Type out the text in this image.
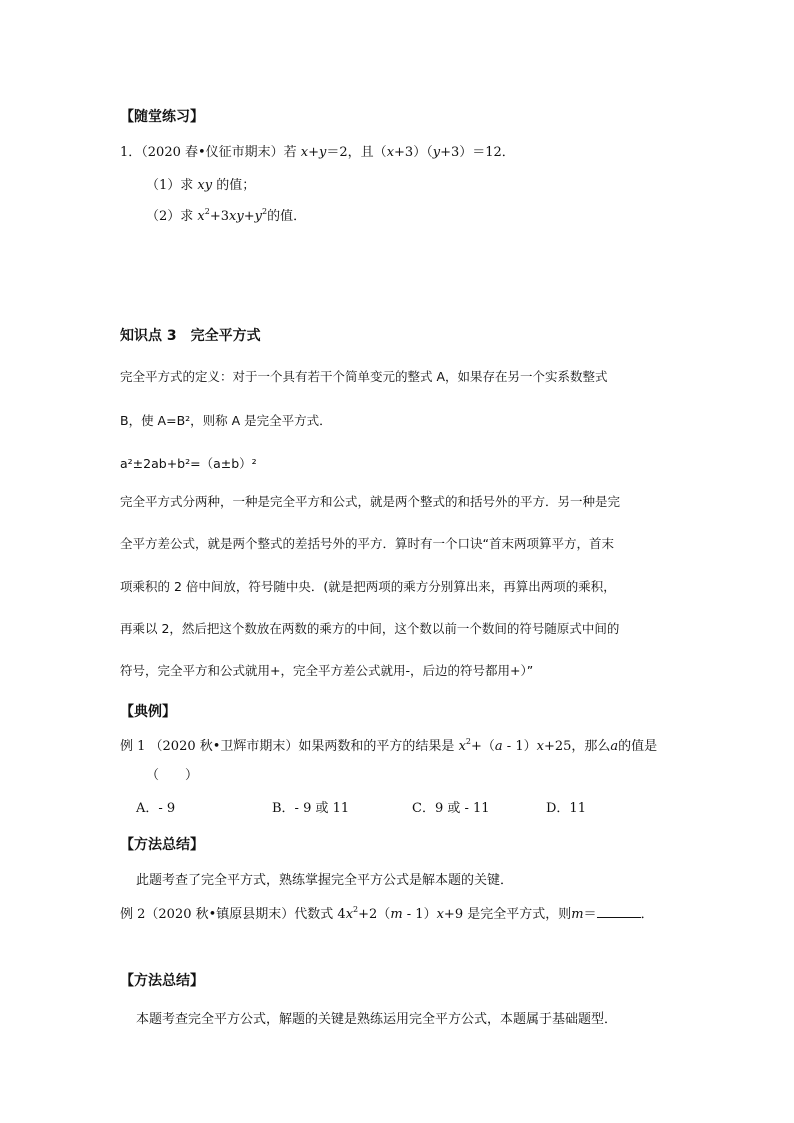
【随堂练习】
1．（2020 春•仪征市期末）若 x+y＝2，且（x+3）（y+3）＝12．
（1）求 xy 的值；
（2）求 $x^2+3xy+y^2$的值．
知识点 3　完全平方式
完全平方式的定义：对于一个具有若干个简单变元的整式 A，如果存在另一个实系数整式
B，使 A=B²，则称 A 是完全平方式．
a²±2ab+b²=（a±b）²
完全平方式分两种，一种是完全平方和公式，就是两个整式的和括号外的平方．另一种是完
全平方差公式，就是两个整式的差括号外的平方．算时有一个口诀“首末两项算平方，首末
项乘积的 2 倍中间放，符号随中央．(就是把两项的乘方分别算出来，再算出两项的乘积，
再乘以 2，然后把这个数放在两数的乘方的中间，这个数以前一个数间的符号随原式中间的
符号，完全平方和公式就用+，完全平方差公式就用-，后边的符号都用+）”
【典例】
例 1 （2020 秋•卫辉市期末）如果两数和的平方的结果是 $x^2+(a - 1)x+25$，那么a的值是
（　　）
A．- 9	B．- 9 或 11	C．9 或 - 11	D．11
【方法总结】
此题考查了完全平方式，熟练掌握完全平方公式是解本题的关键．
例 2（2020 秋•镇原县期末）代数式 $4x^2+2(m - 1)x+9$ 是完全平方式，则m＝	．
【方法总结】
本题考查完全平方公式，解题的关键是熟练运用完全平方公式，本题属于基础题型．
